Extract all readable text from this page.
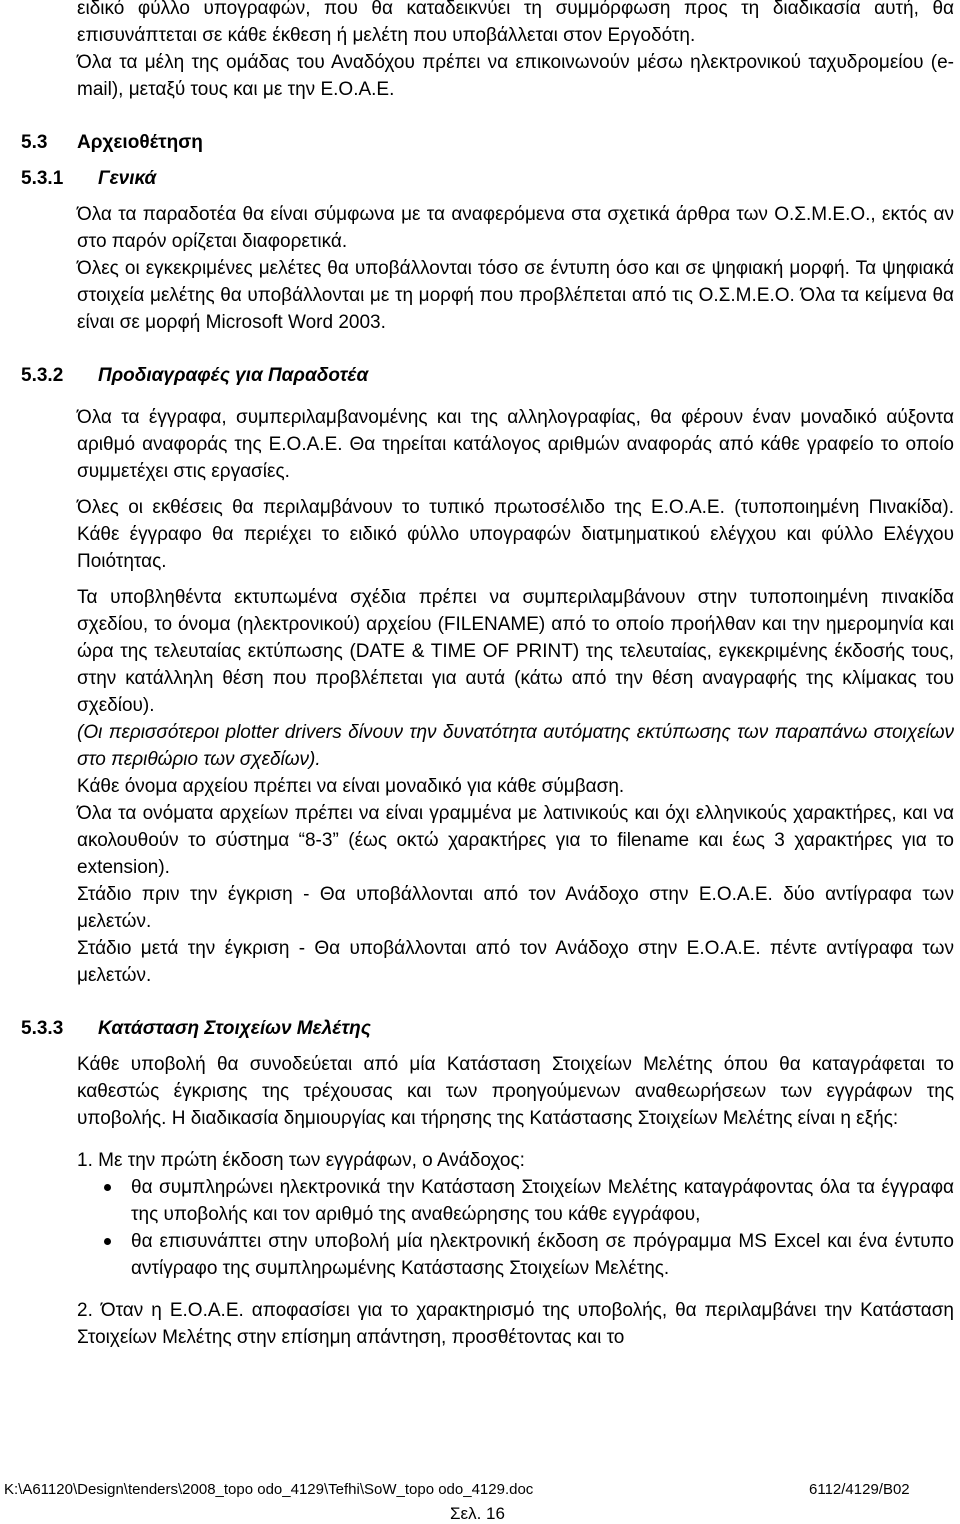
ειδικό φύλλο υπογραφών, που θα καταδεικνύει τη συμμόρφωση προς τη διαδικασία αυτή, θα επισυνάπτεται σε κάθε έκθεση ή μελέτη που υποβάλλεται στον Εργοδότη.

Όλα τα μέλη της ομάδας του Αναδόχου πρέπει να επικοινωνούν μέσω ηλεκτρονικού ταχυδρομείου (e-mail), μεταξύ τους και με την Ε.Ο.Α.Ε.

5.3	Αρχειοθέτηση
5.3.1	Γενικά

Όλα τα παραδοτέα θα είναι σύμφωνα με τα αναφερόμενα στα σχετικά άρθρα των Ο.Σ.Μ.Ε.Ο., εκτός αν στο παρόν ορίζεται διαφορετικά.

Όλες οι εγκεκριμένες μελέτες θα υποβάλλονται τόσο σε έντυπη όσο και σε ψηφιακή μορφή. Τα ψηφιακά στοιχεία μελέτης θα υποβάλλονται με τη μορφή που προβλέπεται από τις Ο.Σ.Μ.Ε.Ο. Όλα τα κείμενα θα είναι σε μορφή Microsoft Word 2003.

5.3.2	Προδιαγραφές για Παραδοτέα

Όλα τα έγγραφα, συμπεριλαμβανομένης και της αλληλογραφίας, θα φέρουν έναν μοναδικό αύξοντα αριθμό αναφοράς της Ε.Ο.Α.Ε. Θα τηρείται κατάλογος αριθμών αναφοράς από κάθε γραφείο το οποίο συμμετέχει στις εργασίες.

Όλες οι εκθέσεις θα περιλαμβάνουν το τυπικό πρωτοσέλιδο της Ε.Ο.Α.Ε. (τυποποιημένη Πινακίδα). Κάθε έγγραφο θα περιέχει το ειδικό φύλλο υπογραφών διατμηματικού ελέγχου και φύλλο Ελέγχου Ποιότητας.

Τα υποβληθέντα εκτυπωμένα σχέδια πρέπει να συμπεριλαμβάνουν στην τυποποιημένη πινακίδα σχεδίου, το όνομα (ηλεκτρονικού) αρχείου (FILENAME) από το οποίο προήλθαν και την ημερομηνία και ώρα της τελευταίας εκτύπωσης (DATE & TIME OF PRINT) της τελευταίας, εγκεκριμένης έκδοσής τους, στην κατάλληλη θέση που προβλέπεται για αυτά (κάτω από την θέση αναγραφής της κλίμακας του σχεδίου).

(Οι περισσότεροι plotter drivers δίνουν την δυνατότητα αυτόματης εκτύπωσης των παραπάνω στοιχείων στο περιθώριο των σχεδίων).

Κάθε όνομα αρχείου πρέπει να είναι μοναδικό για κάθε σύμβαση.

Όλα τα ονόματα αρχείων πρέπει να είναι γραμμένα με λατινικούς και όχι ελληνικούς χαρακτήρες, και να ακολουθούν το σύστημα “8-3” (έως οκτώ χαρακτήρες για το filename και έως 3 χαρακτήρες για το extension).

Στάδιο πριν την έγκριση - Θα υποβάλλονται από τον Ανάδοχο στην Ε.Ο.Α.Ε. δύο αντίγραφα των μελετών.

Στάδιο μετά την έγκριση - Θα υποβάλλονται από τον Ανάδοχο στην Ε.Ο.Α.Ε. πέντε αντίγραφα των μελετών.

5.3.3	Κατάσταση Στοιχείων Μελέτης

Κάθε υποβολή θα συνοδεύεται από μία Κατάσταση Στοιχείων Μελέτης όπου θα καταγράφεται το καθεστώς έγκρισης της τρέχουσας και των προηγούμενων αναθεωρήσεων των εγγράφων της υποβολής. Η διαδικασία δημιουργίας και τήρησης της Κατάστασης Στοιχείων Μελέτης είναι η εξής:

1. Με την πρώτη έκδοση των εγγράφων, ο Ανάδοχος:

θα συμπληρώνει ηλεκτρονικά την Κατάσταση Στοιχείων Μελέτης καταγράφοντας όλα τα έγγραφα της υποβολής και τον αριθμό της αναθεώρησης του κάθε εγγράφου,
θα επισυνάπτει στην υποβολή μία ηλεκτρονική έκδοση σε πρόγραμμα MS Excel και ένα έντυπο αντίγραφο της συμπληρωμένης Κατάστασης Στοιχείων Μελέτης.

2. Όταν η Ε.Ο.Α.Ε. αποφασίσει για το χαρακτηρισμό της υποβολής, θα περιλαμβάνει την Κατάσταση Στοιχείων Μελέτης στην επίσημη απάντηση, προσθέτοντας και το

K:\A61120\Design\tenders\2008_topo odo_4129\Tefhi\SoW_topo odo_4129.doc	6112/4129/B02
Σελ. 16
